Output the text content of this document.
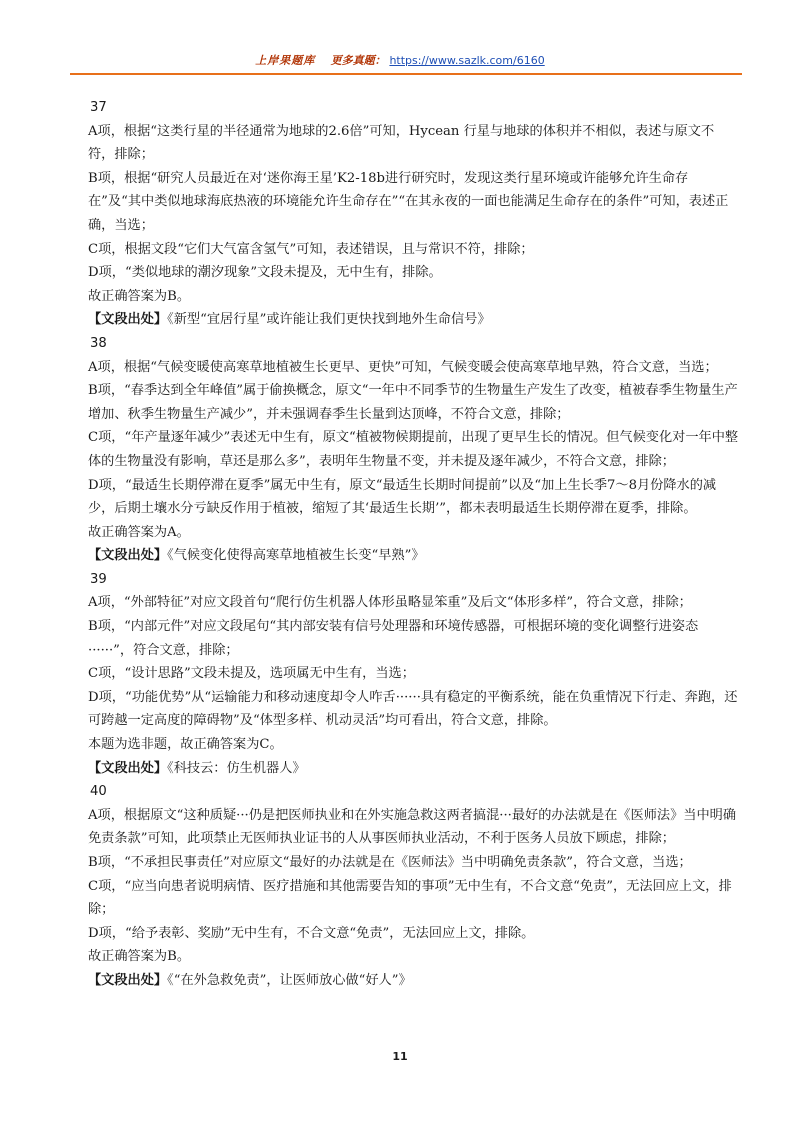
上岸果题库 更多真题： https://www.sazlk.com/6160

37

A项，根据“这类行星的半径通常为地球的2.6倍”可知，Hycean 行星与地球的体积并不相似，表述与原文不符，排除；

B项，根据“研究人员最近在对‘迷你海王星’K2-18b进行研究时，发现这类行星环境或许能够允许生命存在”及“其中类似地球海底热液的环境能允许生命存在”“在其永夜的一面也能满足生命存在的条件”可知，表述正确，当选；

C项，根据文段“它们大气富含氢气”可知，表述错误，且与常识不符，排除；

D项，“类似地球的潮汐现象”文段未提及，无中生有，排除。

故正确答案为B。

【文段出处】《新型“宜居行星”或许能让我们更快找到地外生命信号》

38

A项，根据“气候变暖使高寒草地植被生长更早、更快”可知，气候变暖会使高寒草地早熟，符合文意，当选；

B项，“春季达到全年峰值”属于偷换概念，原文“一年中不同季节的生物量生产发生了改变，植被春季生物量生产增加、秋季生物量生产减少”，并未强调春季生长量到达顶峰，不符合文意，排除；

C项，“年产量逐年减少”表述无中生有，原文“植被物候期提前，出现了更早生长的情况。但气候变化对一年中整体的生物量没有影响，草还是那么多”，表明年生物量不变，并未提及逐年减少，不符合文意，排除；

D项，“最适生长期停滞在夏季”属无中生有，原文“最适生长期时间提前”以及“加上生长季7～8月份降水的减少，后期土壤水分亏缺反作用于植被，缩短了其‘最适生长期’”，都未表明最适生长期停滞在夏季，排除。

故正确答案为A。

【文段出处】《气候变化使得高寒草地植被生长变“早熟”》

39

A项，“外部特征”对应文段首句“爬行仿生机器人体形虽略显笨重”及后文“体形多样”，符合文意，排除；

B项，“内部元件”对应文段尾句“其内部安装有信号处理器和环境传感器，可根据环境的变化调整行进姿态······”，符合文意，排除；

C项，“设计思路”文段未提及，选项属无中生有，当选；

D项，“功能优势”从“运输能力和移动速度却令人咋舌······具有稳定的平衡系统，能在负重情况下行走、奔跑，还可跨越一定高度的障碍物”及“体型多样、机动灵活”均可看出，符合文意，排除。

本题为选非题，故正确答案为C。

【文段出处】《科技云：仿生机器人》

40

A项，根据原文“这种质疑···仍是把医师执业和在外实施急救这两者搞混···最好的办法就是在《医师法》当中明确免责条款”可知，此项禁止无医师执业证书的人从事医师执业活动，不利于医务人员放下顾虑，排除；

B项，“不承担民事责任”对应原文“最好的办法就是在《医师法》当中明确免责条款”，符合文意，当选；

C项，“应当向患者说明病情、医疗措施和其他需要告知的事项”无中生有，不合文意“免责”，无法回应上文，排除；

D项，“给予表彰、奖励”无中生有，不合文意“免责”，无法回应上文，排除。

故正确答案为B。

【文段出处】《“在外急救免责”，让医师放心做“好人”》

11
